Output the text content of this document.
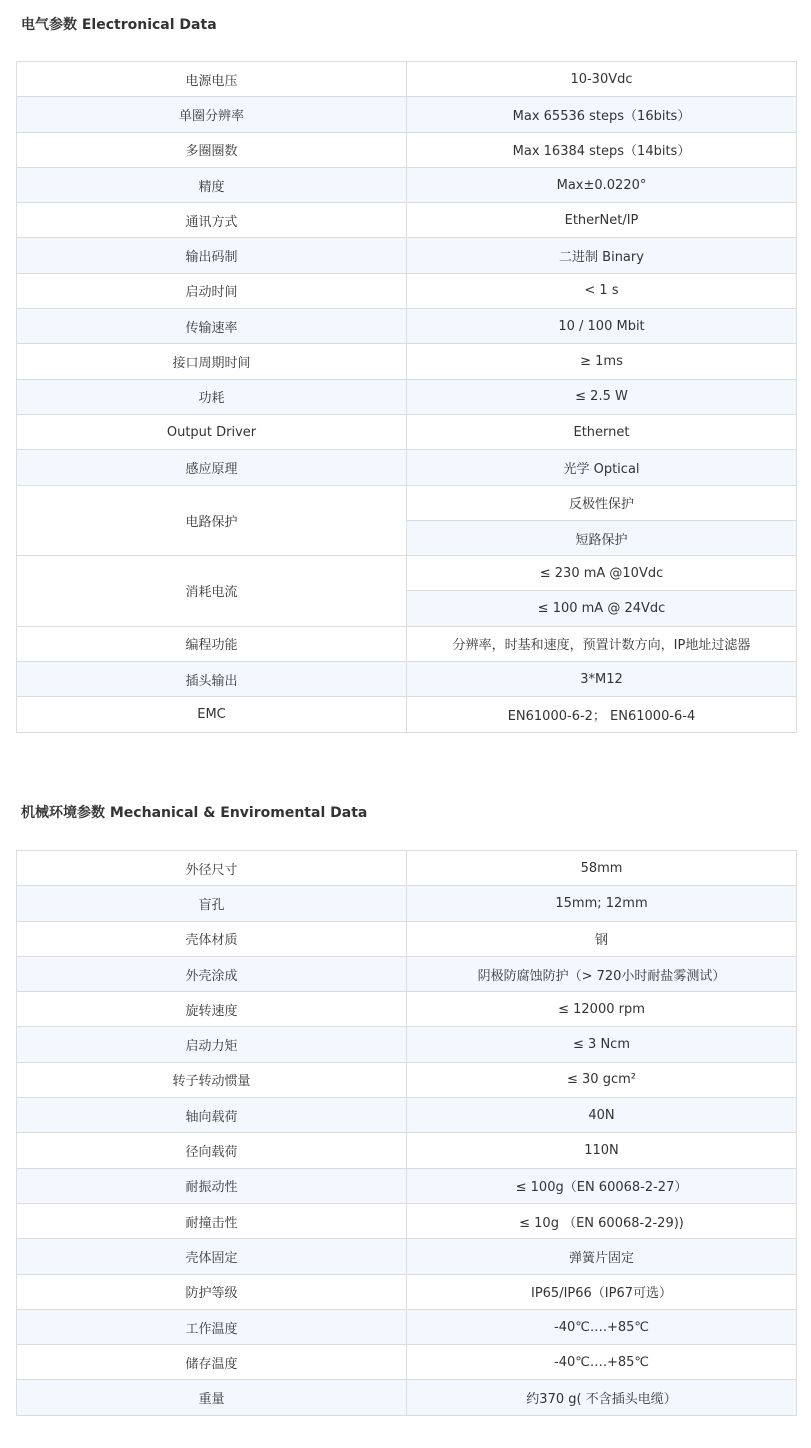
电气参数 Electronical Data
电源电压	10-30Vdc
单圈分辨率	Max 65536 steps（16bits）
多圈圈数	Max 16384 steps（14bits）
精度	Max±0.0220°
通讯方式	EtherNet/IP
输出码制	二进制 Binary
启动时间	< 1 s
传输速率	10 / 100 Mbit
接口周期时间	≥ 1ms
功耗	≤ 2.5 W
Output Driver	Ethernet
感应原理	光学 Optical
电路保护	反极性保护
	短路保护
消耗电流	≤ 230 mA @10Vdc
	≤ 100 mA @ 24Vdc
编程功能	分辨率，时基和速度，预置计数方向，IP地址过滤器
插头输出	3*M12
EMC	EN61000-6-2； EN61000-6-4
机械环境参数 Mechanical & Enviromental Data
外径尺寸	58mm
盲孔	15mm; 12mm
壳体材质	钢
外壳涂成	阴极防腐蚀防护（> 720小时耐盐雾测试）
旋转速度	≤ 12000 rpm
启动力矩	≤ 3 Ncm
转子转动惯量	≤ 30 gcm²
轴向载荷	40N
径向载荷	110N
耐振动性	≤ 100g（EN 60068-2-27）
耐撞击性	≤ 10g （EN 60068-2-29))
壳体固定	弹簧片固定
防护等级	IP65/IP66（IP67可选）
工作温度	-40℃….+85℃
储存温度	-40℃….+85℃
重量	约370 g( 不含插头电缆）
